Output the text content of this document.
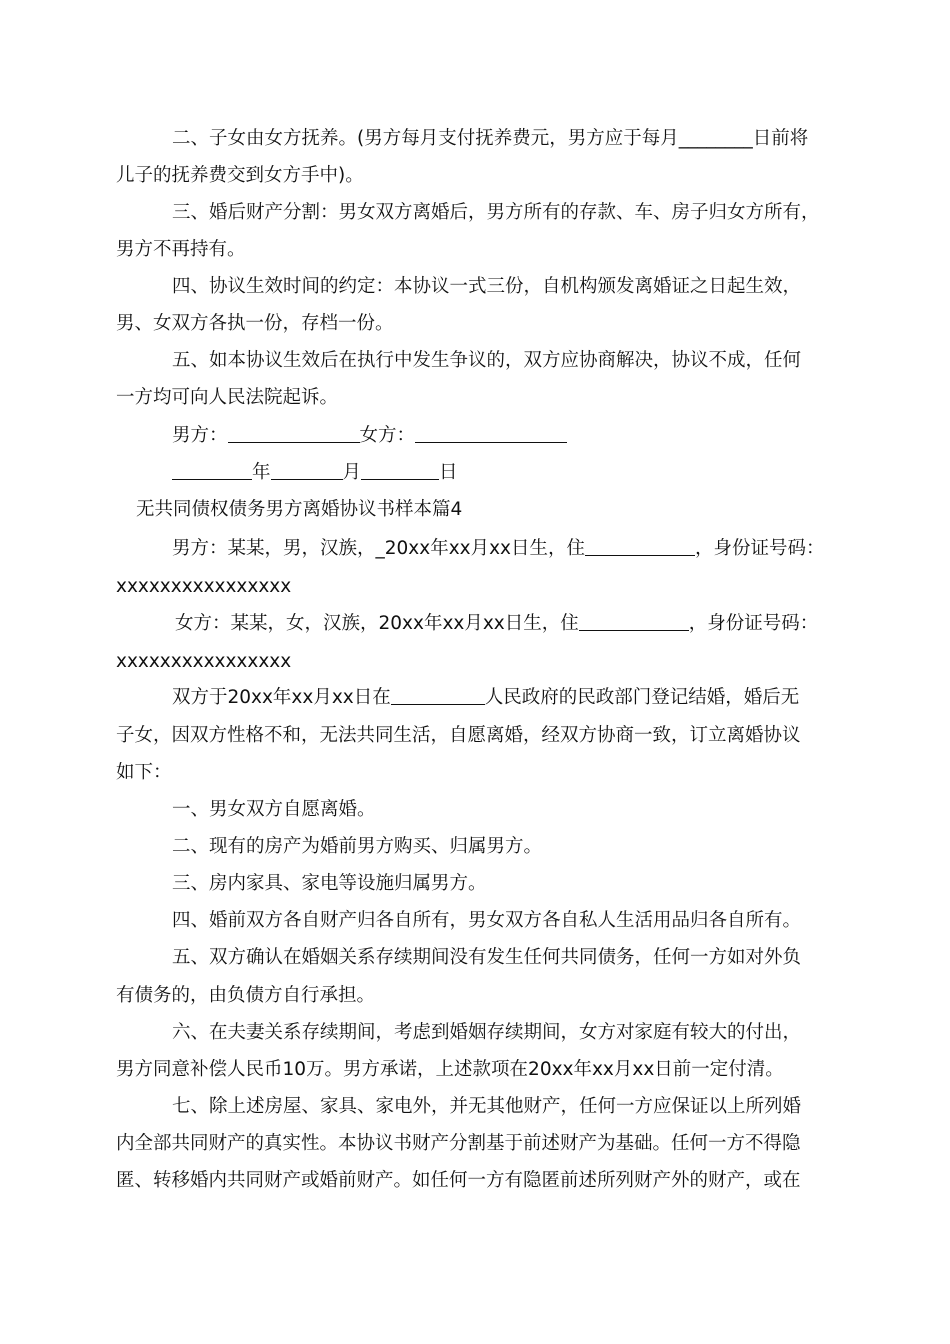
二、子女由女方抚养。(男方每月支付抚养费元，男方应于每月________日前将
儿子的抚养费交到女方手中)。
三、婚后财产分割：男女双方离婚后，男方所有的存款、车、房子归女方所有，
男方不再持有。
四、协议生效时间的约定：本协议一式三份，自机构颁发离婚证之日起生效，
男、女双方各执一份，存档一份。
五、如本协议生效后在执行中发生争议的，双方应协商解决，协议不成，任何
一方均可向人民法院起诉。
男方：	女方：
年	月	日
无共同债权债务男方离婚协议书样本篇4
男方：某某，男，汉族，_20xx年xx月xx日生，住	，身份证号码：
xxxxxxxxxxxxxxxx
女方：某某，女，汉族，20xx年xx月xx日生，住	，身份证号码：
xxxxxxxxxxxxxxxx
双方于20xx年xx月xx日在	人民政府的民政部门登记结婚，婚后无
子女，因双方性格不和，无法共同生活，自愿离婚，经双方协商一致，订立离婚协议
如下：
一、男女双方自愿离婚。
二、现有的房产为婚前男方购买、归属男方。
三、房内家具、家电等设施归属男方。
四、婚前双方各自财产归各自所有，男女双方各自私人生活用品归各自所有。
五、双方确认在婚姻关系存续期间没有发生任何共同债务，任何一方如对外负
有债务的，由负债方自行承担。
六、在夫妻关系存续期间，考虑到婚姻存续期间，女方对家庭有较大的付出，
男方同意补偿人民币10万。男方承诺，上述款项在20xx年xx月xx日前一定付清。
七、除上述房屋、家具、家电外，并无其他财产，任何一方应保证以上所列婚
内全部共同财产的真实性。本协议书财产分割基于前述财产为基础。任何一方不得隐
匿、转移婚内共同财产或婚前财产。如任何一方有隐匿前述所列财产外的财产，或在
